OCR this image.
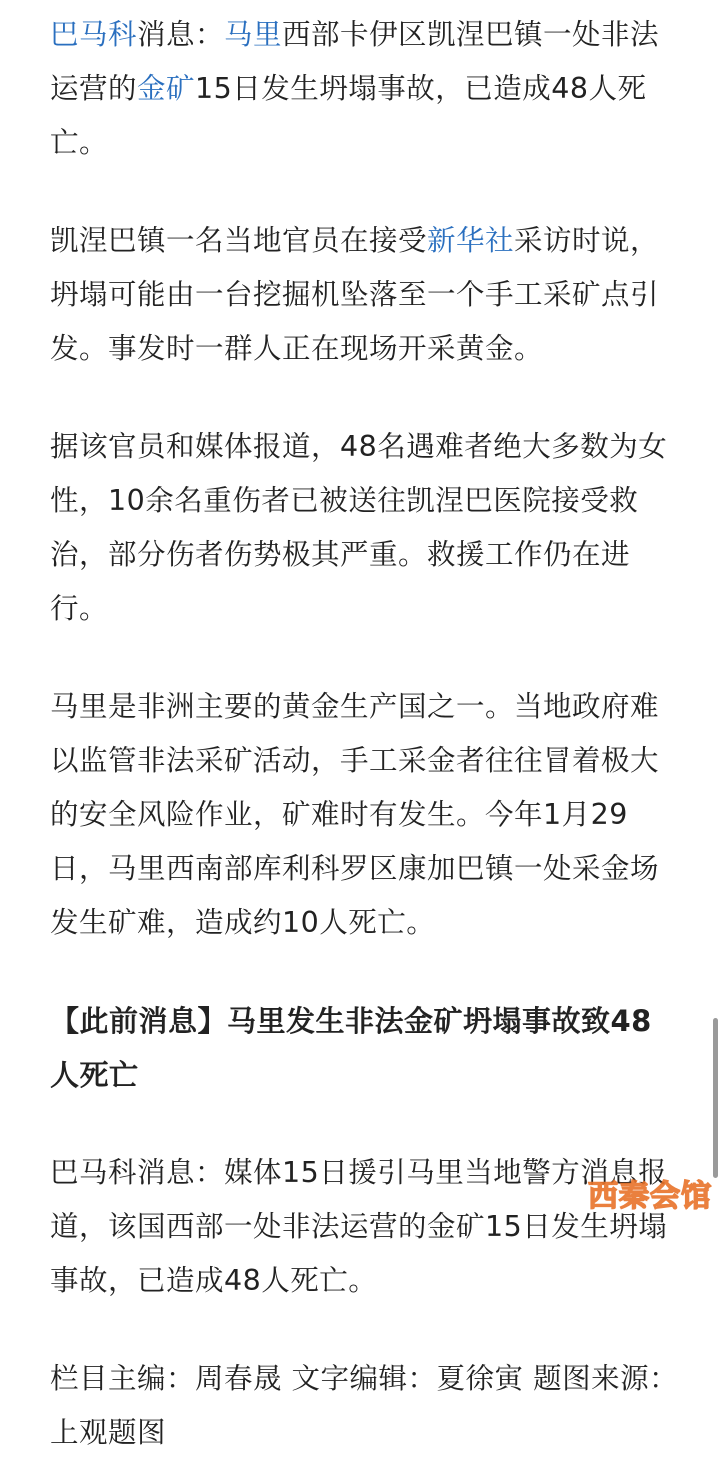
巴马科消息：马里西部卡伊区凯涅巴镇一处非法运营的金矿15日发生坍塌事故，已造成48人死亡。

凯涅巴镇一名当地官员在接受新华社采访时说，坍塌可能由一台挖掘机坠落至一个手工采矿点引发。事发时一群人正在现场开采黄金。

据该官员和媒体报道，48名遇难者绝大多数为女性，10余名重伤者已被送往凯涅巴医院接受救治，部分伤者伤势极其严重。救援工作仍在进行。

马里是非洲主要的黄金生产国之一。当地政府难以监管非法采矿活动，手工采金者往往冒着极大的安全风险作业，矿难时有发生。今年1月29日，马里西南部库利科罗区康加巴镇一处采金场发生矿难，造成约10人死亡。

【此前消息】马里发生非法金矿坍塌事故致48人死亡

巴马科消息：媒体15日援引马里当地警方消息报道，该国西部一处非法运营的金矿15日发生坍塌事故，已造成48人死亡。

栏目主编：周春晟 文字编辑：夏徐寅 题图来源：上观题图

西秦会馆
